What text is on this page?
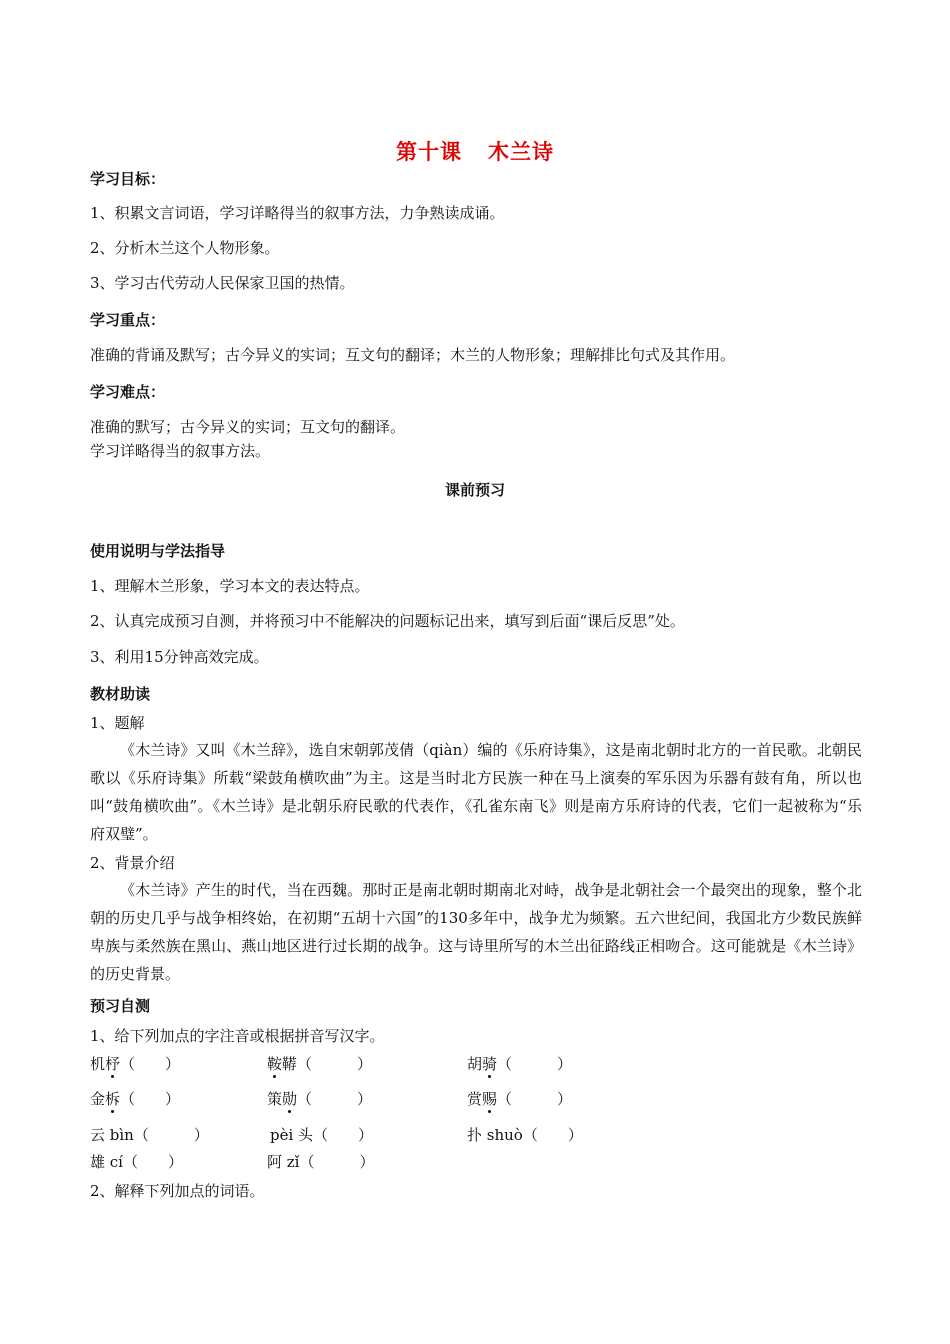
第十课 木兰诗
学习目标：
1、积累文言词语，学习详略得当的叙事方法，力争熟读成诵。
2、分析木兰这个人物形象。
3、学习古代劳动人民保家卫国的热情。
学习重点：
准确的背诵及默写；古今异义的实词；互文句的翻译；木兰的人物形象；理解排比句式及其作用。
学习难点：
准确的默写；古今异义的实词；互文句的翻译。
学习详略得当的叙事方法。
课前预习
使用说明与学法指导
1、理解木兰形象，学习本文的表达特点。
2、认真完成预习自测，并将预习中不能解决的问题标记出来，填写到后面“课后反思”处。
3、利用15分钟高效完成。
教材助读
1、题解
《木兰诗》又叫《木兰辞》，选自宋朝郭茂倩（qiàn）编的《乐府诗集》，这是南北朝时北方的一首民歌。北朝民歌以《乐府诗集》所载“梁鼓角横吹曲”为主。这是当时北方民族一种在马上演奏的军乐因为乐器有鼓有角，所以也叫“鼓角横吹曲”。《木兰诗》是北朝乐府民歌的代表作，《孔雀东南飞》则是南方乐府诗的代表，它们一起被称为“乐府双璧”。
2、背景介绍
《木兰诗》产生的时代，当在西魏。那时正是南北朝时期南北对峙，战争是北朝社会一个最突出的现象，整个北朝的历史几乎与战争相终始，在初期“五胡十六国”的130多年中，战争尤为频繁。五六世纪间，我国北方少数民族鲜卑族与柔然族在黑山、燕山地区进行过长期的战争。这与诗里所写的木兰出征路线正相吻合。这可能就是《木兰诗》的历史背景。
预习自测
1、给下列加点的字注音或根据拼音写汉字。
机杼（　　）	鞍鞯（　　　）	胡骑（　　　）
金柝（　　）	策勋（　　　）	赏赐（　　　）
云 bìn（　　　）	pèi 头（　　）	扑 shuò（　　）
雄 cí（　　）	阿 zǐ（　　　）
2、解释下列加点的词语。
